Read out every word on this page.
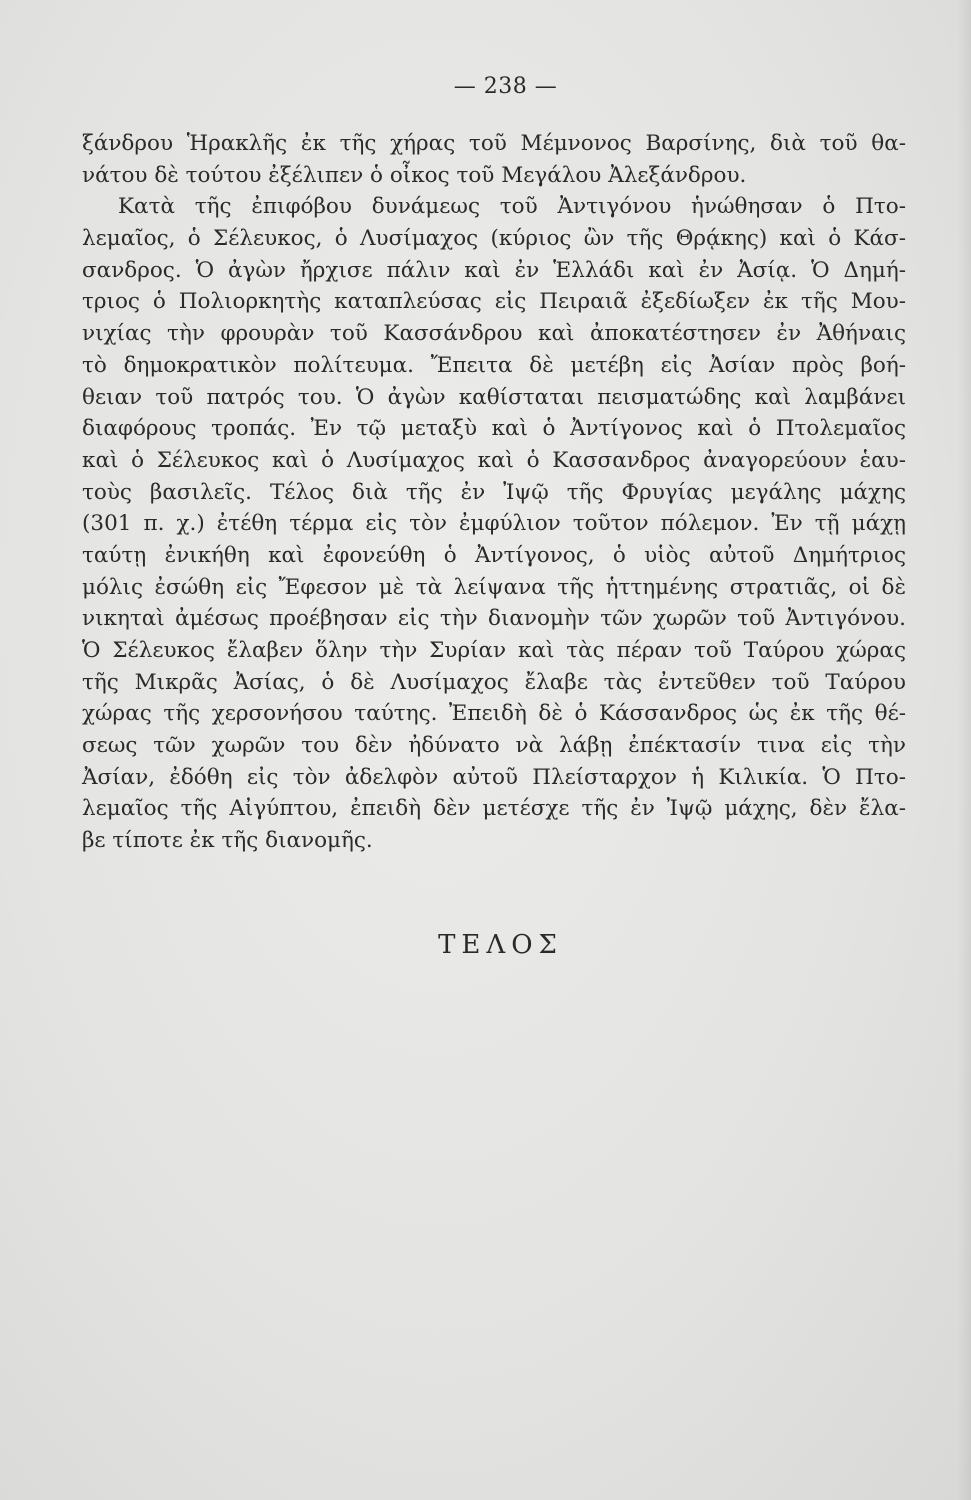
— 238 —
ξάνδρου Ἡρακλῆς ἐκ τῆς χήρας τοῦ Μέμνονος Βαρσίνης, διὰ τοῦ θα-
νάτου δὲ τούτου ἐξέλιπεν ὁ οἶκος τοῦ Μεγάλου Ἀλεξάνδρου.
Κατὰ τῆς ἐπιφόβου δυνάμεως τοῦ Ἀντιγόνου ἡνώθησαν ὁ Πτο-
λεμαῖος, ὁ Σέλευκος, ὁ Λυσίμαχος (κύριος ὢν τῆς Θρᾴκης) καὶ ὁ Κάσ-
σανδρος. Ὁ ἀγὼν ἤρχισε πάλιν καὶ ἐν Ἑλλάδι καὶ ἐν Ἀσίᾳ. Ὁ Δημή-
τριος ὁ Πολιορκητὴς καταπλεύσας εἰς Πειραιᾶ ἐξεδίωξεν ἐκ τῆς Μου-
νιχίας τὴν φρουρὰν τοῦ Κασσάνδρου καὶ ἀποκατέστησεν ἐν Ἀθήναις
τὸ δημοκρατικὸν πολίτευμα. Ἔπειτα δὲ μετέβη εἰς Ἀσίαν πρὸς βοή-
θειαν τοῦ πατρός του. Ὁ ἀγὼν καθίσταται πεισματώδης καὶ λαμβάνει
διαφόρους τροπάς. Ἐν τῷ μεταξὺ καὶ ὁ Ἀντίγονος καὶ ὁ Πτολεμαῖος
καὶ ὁ Σέλευκος καὶ ὁ Λυσίμαχος καὶ ὁ Κασσανδρος ἀναγορεύουν ἑαυ-
τοὺς βασιλεῖς. Τέλος διὰ τῆς ἐν Ἰψῷ τῆς Φρυγίας μεγάλης μάχης
(301 π. χ.) ἐτέθη τέρμα εἰς τὸν ἐμφύλιον τοῦτον πόλεμον. Ἐν τῇ μάχῃ
ταύτῃ ἐνικήθη καὶ ἐφονεύθη ὁ Ἀντίγονος, ὁ υἱὸς αὐτοῦ Δημήτριος
μόλις ἐσώθη εἰς Ἔφεσον μὲ τὰ λείψανα τῆς ἡττημένης στρατιᾶς, οἱ δὲ
νικηταὶ ἀμέσως προέβησαν εἰς τὴν διανομὴν τῶν χωρῶν τοῦ Ἀντιγόνου.
Ὁ Σέλευκος ἔλαβεν ὅλην τὴν Συρίαν καὶ τὰς πέραν τοῦ Ταύρου χώρας
τῆς Μικρᾶς Ἀσίας, ὁ δὲ Λυσίμαχος ἔλαβε τὰς ἐντεῦθεν τοῦ Ταύρου
χώρας τῆς χερσονήσου ταύτης. Ἐπειδὴ δὲ ὁ Κάσσανδρος ὡς ἐκ τῆς θέ-
σεως τῶν χωρῶν του δὲν ἠδύνατο νὰ λάβῃ ἐπέκτασίν τινα εἰς τὴν
Ἀσίαν, ἐδόθη εἰς τὸν ἀδελφὸν αὐτοῦ Πλείσταρχον ἡ Κιλικία. Ὁ Πτο-
λεμαῖος τῆς Αἰγύπτου, ἐπειδὴ δὲν μετέσχε τῆς ἐν Ἰψῷ μάχης, δὲν ἔλα-
βε τίποτε ἐκ τῆς διανομῆς.
ΤΕΛΟΣ
